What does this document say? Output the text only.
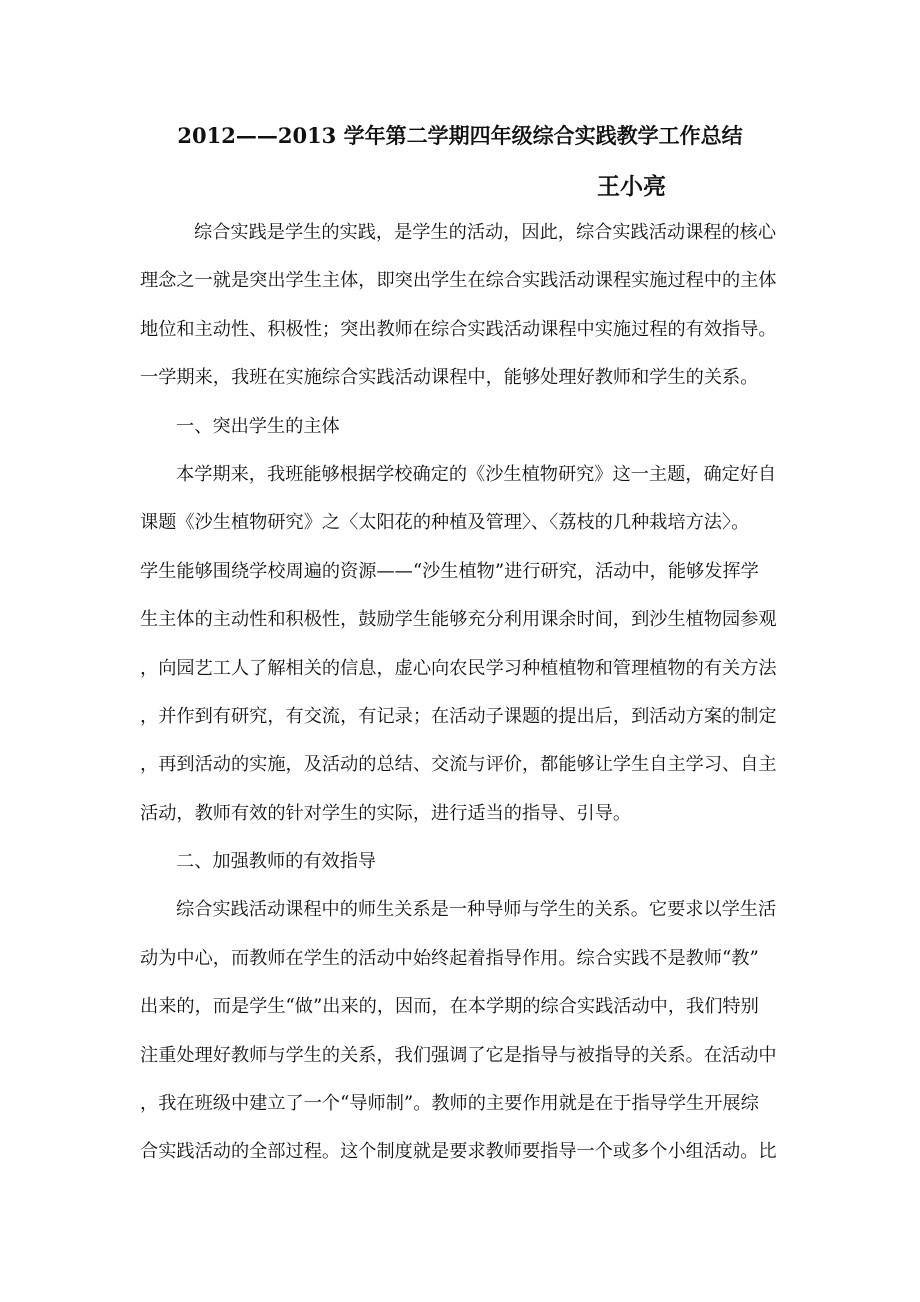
2012——2013 学年第二学期四年级综合实践教学工作总结
王小亮
综合实践是学生的实践，是学生的活动，因此，综合实践活动课程的核心
理念之一就是突出学生主体，即突出学生在综合实践活动课程实施过程中的主体
地位和主动性、积极性；突出教师在综合实践活动课程中实施过程的有效指导。
一学期来，我班在实施综合实践活动课程中，能够处理好教师和学生的关系。
一、突出学生的主体
本学期来，我班能够根据学校确定的《沙生植物研究》这一主题，确定好自
课题《沙生植物研究》之〈太阳花的种植及管理〉、〈荔枝的几种栽培方法〉。
学生能够围绕学校周遍的资源——“沙生植物”进行研究，活动中，能够发挥学
生主体的主动性和积极性，鼓励学生能够充分利用课余时间，到沙生植物园参观
，向园艺工人了解相关的信息，虚心向农民学习种植植物和管理植物的有关方法
，并作到有研究，有交流，有记录；在活动子课题的提出后，到活动方案的制定
，再到活动的实施，及活动的总结、交流与评价，都能够让学生自主学习、自主
活动，教师有效的针对学生的实际，进行适当的指导、引导。
二、加强教师的有效指导
综合实践活动课程中的师生关系是一种导师与学生的关系。它要求以学生活
动为中心，而教师在学生的活动中始终起着指导作用。综合实践不是教师“教”
出来的，而是学生“做”出来的，因而，在本学期的综合实践活动中，我们特别
注重处理好教师与学生的关系，我们强调了它是指导与被指导的关系。在活动中
，我在班级中建立了一个“导师制”。教师的主要作用就是在于指导学生开展综
合实践活动的全部过程。这个制度就是要求教师要指导一个或多个小组活动。比
